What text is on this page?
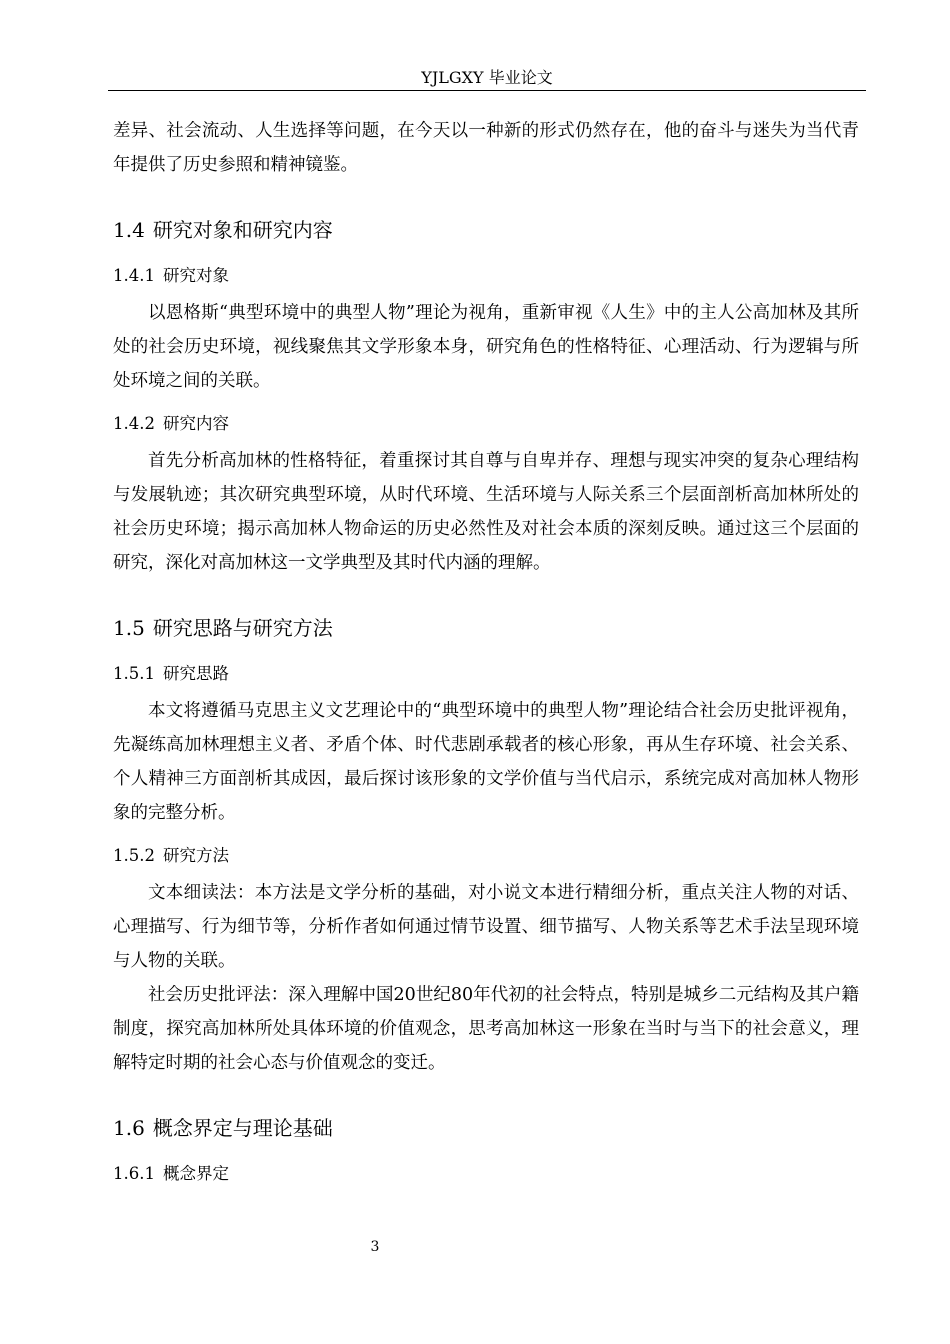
YJLGXY 毕业论文

差异、社会流动、人生选择等问题，在今天以一种新的形式仍然存在，他的奋斗与迷失为当代青年提供了历史参照和精神镜鉴。

1.4 研究对象和研究内容
1.4.1 研究对象

以恩格斯“典型环境中的典型人物”理论为视角，重新审视《人生》中的主人公高加林及其所处的社会历史环境，视线聚焦其文学形象本身，研究角色的性格特征、心理活动、行为逻辑与所处环境之间的关联。

1.4.2 研究内容

首先分析高加林的性格特征，着重探讨其自尊与自卑并存、理想与现实冲突的复杂心理结构与发展轨迹；其次研究典型环境，从时代环境、生活环境与人际关系三个层面剖析高加林所处的社会历史环境；揭示高加林人物命运的历史必然性及对社会本质的深刻反映。通过这三个层面的研究，深化对高加林这一文学典型及其时代内涵的理解。

1.5 研究思路与研究方法
1.5.1 研究思路

本文将遵循马克思主义文艺理论中的“典型环境中的典型人物”理论结合社会历史批评视角，先凝练高加林理想主义者、矛盾个体、时代悲剧承载者的核心形象，再从生存环境、社会关系、个人精神三方面剖析其成因，最后探讨该形象的文学价值与当代启示，系统完成对高加林人物形象的完整分析。

1.5.2 研究方法

文本细读法：本方法是文学分析的基础，对小说文本进行精细分析，重点关注人物的对话、心理描写、行为细节等，分析作者如何通过情节设置、细节描写、人物关系等艺术手法呈现环境与人物的关联。

社会历史批评法：深入理解中国20世纪80年代初的社会特点，特别是城乡二元结构及其户籍制度，探究高加林所处具体环境的价值观念，思考高加林这一形象在当时与当下的社会意义，理解特定时期的社会心态与价值观念的变迁。

1.6 概念界定与理论基础
1.6.1 概念界定
3
